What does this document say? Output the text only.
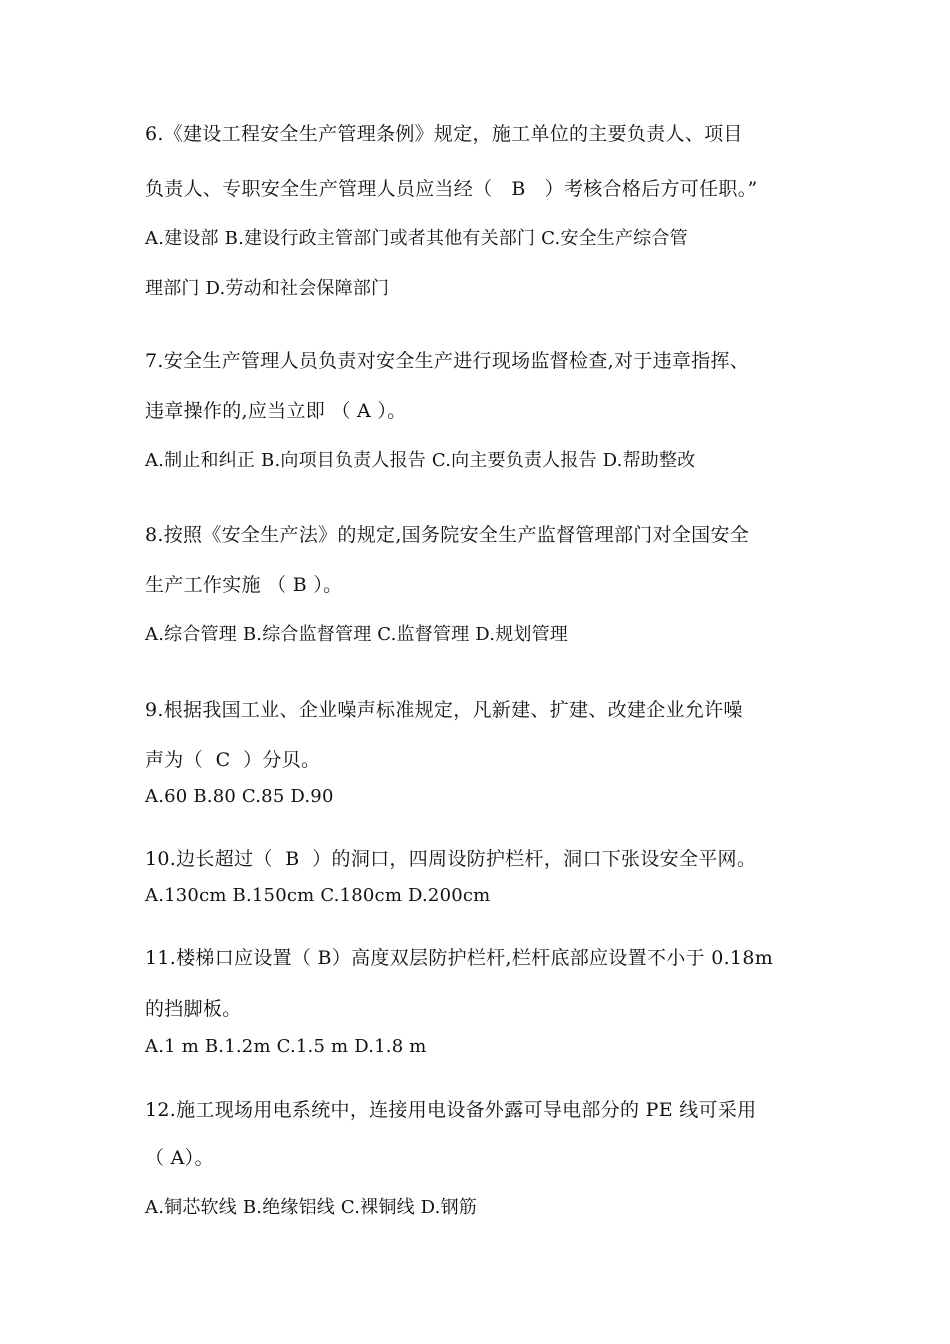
6.《建设工程安全生产管理条例》规定，施工单位的主要负责人、项目
负责人、专职安全生产管理人员应当经（   B   ）考核合格后方可任职。”
A.建设部 B.建设行政主管部门或者其他有关部门 C.安全生产综合管
理部门 D.劳动和社会保障部门
7.安全生产管理人员负责对安全生产进行现场监督检查,对于违章指挥、
违章操作的,应当立即 （ A ）。
A.制止和纠正 B.向项目负责人报告 C.向主要负责人报告 D.帮助整改
8.按照《安全生产法》的规定,国务院安全生产监督管理部门对全国安全
生产工作实施 （ B ）。
A.综合管理 B.综合监督管理 C.监督管理 D.规划管理
9.根据我国工业、企业噪声标准规定，凡新建、扩建、改建企业允许噪
声为（  C  ）分贝。
A.60 B.80 C.85 D.90
10.边长超过（  B  ）的洞口，四周设防护栏杆，洞口下张设安全平网。
A.130cm B.150cm C.180cm D.200cm
11.楼梯口应设置（ B）高度双层防护栏杆,栏杆底部应设置不小于 0.18m
的挡脚板。
A.1 m B.1.2m C.1.5 m D.1.8 m
12.施工现场用电系统中，连接用电设备外露可导电部分的 PE 线可采用
（ A）。
A.铜芯软线 B.绝缘铝线 C.裸铜线 D.钢筋
